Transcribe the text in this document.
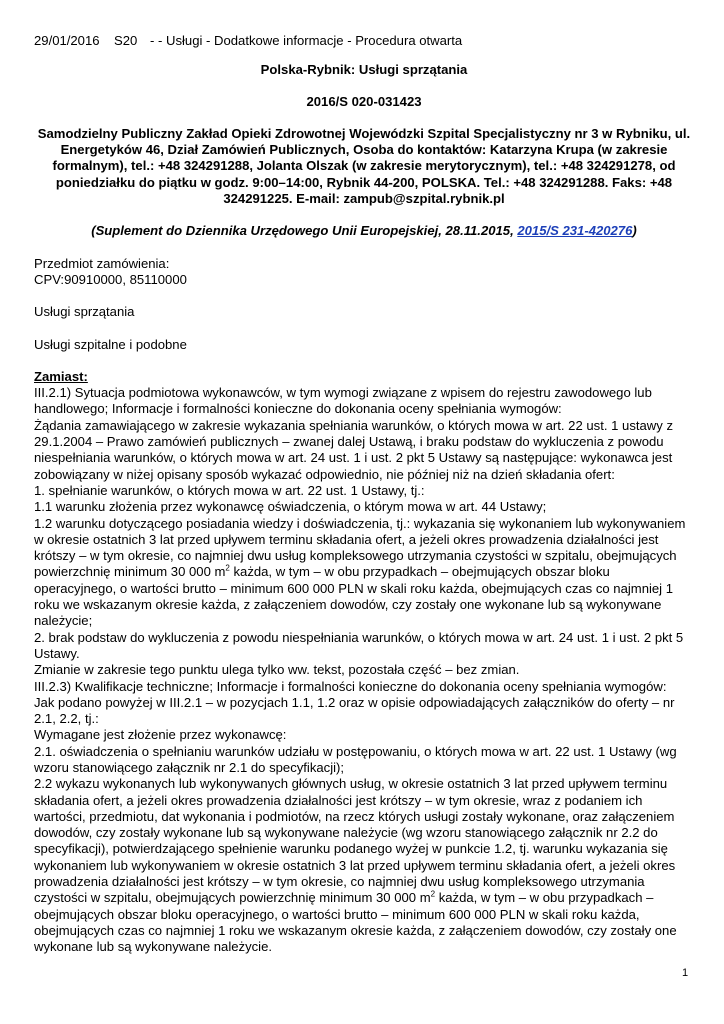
29/01/2016 S20 - - Usługi - Dodatkowe informacje - Procedura otwarta
Polska-Rybnik: Usługi sprzątania
2016/S 020-031423
Samodzielny Publiczny Zakład Opieki Zdrowotnej Wojewódzki Szpital Specjalistyczny nr 3 w Rybniku, ul. Energetyków 46, Dział Zamówień Publicznych, Osoba do kontaktów: Katarzyna Krupa (w zakresie formalnym), tel.: +48 324291288, Jolanta Olszak (w zakresie merytorycznym), tel.: +48 324291278, od poniedziałku do piątku w godz. 9:00–14:00, Rybnik 44-200, POLSKA. Tel.: +48 324291288. Faks: +48 324291225. E-mail: zampub@szpital.rybnik.pl
(Suplement do Dziennika Urzędowego Unii Europejskiej, 28.11.2015, 2015/S 231-420276)
Przedmiot zamówienia:
CPV:90910000, 85110000
Usługi sprzątania
Usługi szpitalne i podobne
Zamiast:

III.2.1) Sytuacja podmiotowa wykonawców, w tym wymogi związane z wpisem do rejestru zawodowego lub handlowego; Informacje i formalności konieczne do dokonania oceny spełniania wymogów:

Żądania zamawiającego w zakresie wykazania spełniania warunków, o których mowa w art. 22 ust. 1 ustawy z 29.1.2004 – Prawo zamówień publicznych – zwanej dalej Ustawą, i braku podstaw do wykluczenia z powodu niespełniania warunków, o których mowa w art. 24 ust. 1 i ust. 2 pkt 5 Ustawy są następujące: wykonawca jest zobowiązany w niżej opisany sposób wykazać odpowiednio, nie później niż na dzień składania ofert:

1. spełnianie warunków, o których mowa w art. 22 ust. 1 Ustawy, tj.:

1.1 warunku złożenia przez wykonawcę oświadczenia, o którym mowa w art. 44 Ustawy;

1.2 warunku dotyczącego posiadania wiedzy i doświadczenia, tj.: wykazania się wykonaniem lub wykonywaniem w okresie ostatnich 3 lat przed upływem terminu składania ofert, a jeżeli okres prowadzenia działalności jest krótszy – w tym okresie, co najmniej dwu usług kompleksowego utrzymania czystości w szpitalu, obejmujących powierzchnię minimum 30 000 $m^2$ każda, w tym – w obu przypadkach – obejmujących obszar bloku operacyjnego, o wartości brutto – minimum 600 000 PLN w skali roku każda, obejmujących czas co najmniej 1 roku we wskazanym okresie każda, z załączeniem dowodów, czy zostały one wykonane lub są wykonywane należycie;

2. brak podstaw do wykluczenia z powodu niespełniania warunków, o których mowa w art. 24 ust. 1 i ust. 2 pkt 5 Ustawy.

Zmianie w zakresie tego punktu ulega tylko ww. tekst, pozostała część – bez zmian.

III.2.3) Kwalifikacje techniczne; Informacje i formalności konieczne do dokonania oceny spełniania wymogów:

Jak podano powyżej w III.2.1 – w pozycjach 1.1, 1.2 oraz w opisie odpowiadających załączników do oferty – nr 2.1, 2.2, tj.:

Wymagane jest złożenie przez wykonawcę:

2.1. oświadczenia o spełnianiu warunków udziału w postępowaniu, o których mowa w art. 22 ust. 1 Ustawy (wg wzoru stanowiącego załącznik nr 2.1 do specyfikacji);

2.2 wykazu wykonanych lub wykonywanych głównych usług, w okresie ostatnich 3 lat przed upływem terminu składania ofert, a jeżeli okres prowadzenia działalności jest krótszy – w tym okresie, wraz z podaniem ich wartości, przedmiotu, dat wykonania i podmiotów, na rzecz których usługi zostały wykonane, oraz załączeniem dowodów, czy zostały wykonane lub są wykonywane należycie (wg wzoru stanowiącego załącznik nr 2.2 do specyfikacji), potwierdzającego spełnienie warunku podanego wyżej w punkcie 1.2, tj. warunku wykazania się wykonaniem lub wykonywaniem w okresie ostatnich 3 lat przed upływem terminu składania ofert, a jeżeli okres prowadzenia działalności jest krótszy – w tym okresie, co najmniej dwu usług kompleksowego utrzymania czystości w szpitalu, obejmujących powierzchnię minimum 30 000 $m^2$ każda, w tym – w obu przypadkach – obejmujących obszar bloku operacyjnego, o wartości brutto – minimum 600 000 PLN w skali roku każda, obejmujących czas co najmniej 1 roku we wskazanym okresie każda, z załączeniem dowodów, czy zostały one wykonane lub są wykonywane należycie.

1
